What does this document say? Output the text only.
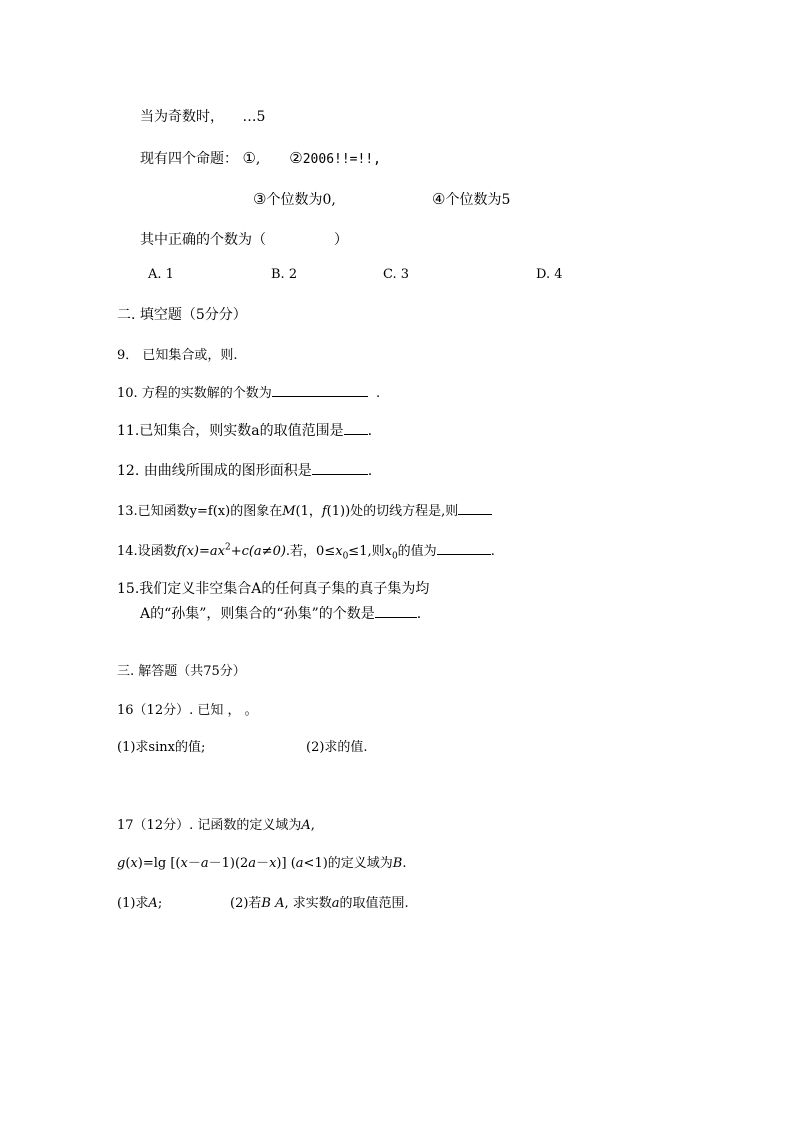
当为奇数时， …5
现有四个命题： ①, ②2006!!=!!,
③个位数为0,	④个位数为5
其中正确的个数为（	）
A. 1	B. 2	C. 3	D. 4
二. 填空题（5分分）
9． 已知集合或，则.
10. 方程的实数解的个数为	.
11.已知集合，则实数a的取值范围是 .
12. 由曲线所围成的图形面积是	.
13.已知函数y=f(x)的图象在M(1，f(1))处的切线方程是,则
14.设函数$f(x)=ax^2+c(a\ne 0)$.若，$0\le x_0\le 1$,则$x_0$的值为	.
15.我们定义非空集合A的任何真子集的真子集为均
A的“孙集”，则集合的“孙集”的个数是	.
三. 解答题（共75分）
16（12分）. 已知 ， 。
(1)求sinx的值;	(2)求的值.
17（12分）. 记函数的定义域为A,
g(x)=lg [(x－a－1)(2a－x)] (a<1)的定义域为B.
(1)求A;	(2)若B A, 求实数a的取值范围.
